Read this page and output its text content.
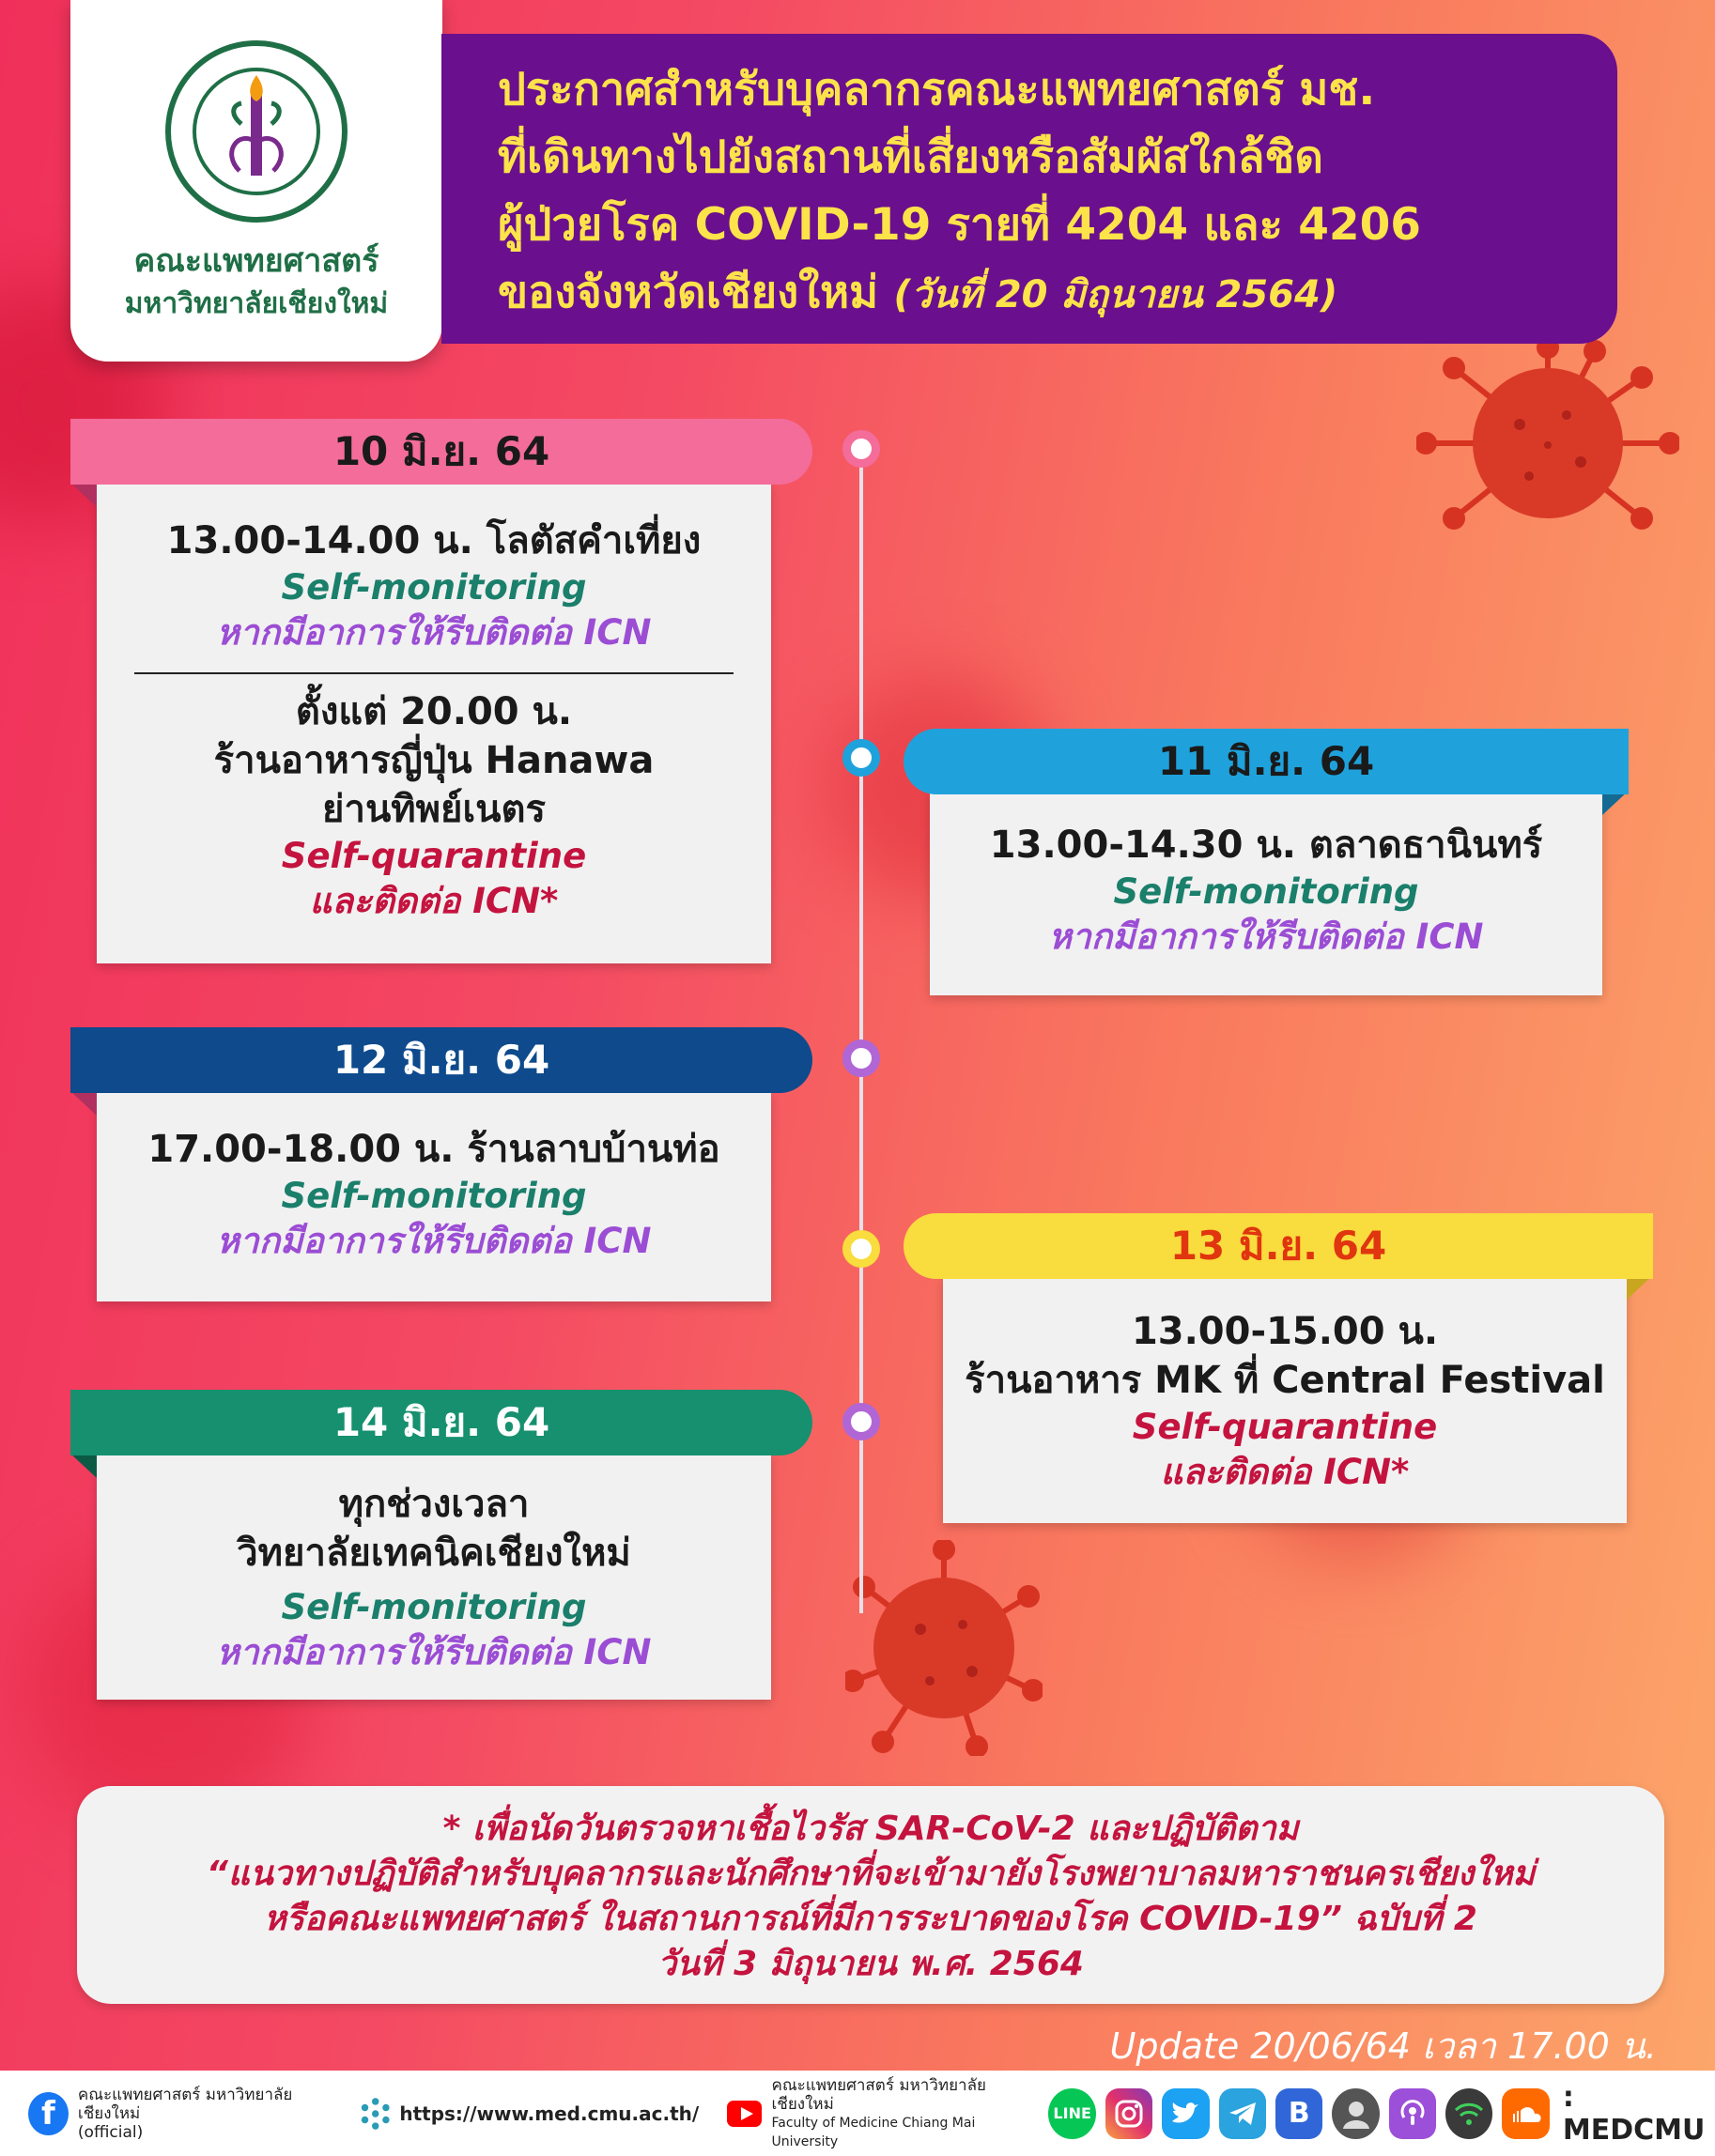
คณะแพทยศาสตร์
มหาวิทยาลัยเชียงใหม่
ประกาศสำหรับบุคลากรคณะแพทยศาสตร์ มช.
ที่เดินทางไปยังสถานที่เสี่ยงหรือสัมผัสใกล้ชิด
ผู้ป่วยโรค COVID-19 รายที่ 4204 และ 4206
ของจังหวัดเชียงใหม่ (วันที่ 20 มิถุนายน 2564)
13.00-14.00 น. โลตัสคำเที่ยง
Self-monitoring
หากมีอาการให้รีบติดต่อ ICN
ตั้งแต่ 20.00 น.
ร้านอาหารญี่ปุ่น Hanawa
ย่านทิพย์เนตร
Self-quarantine
และติดต่อ ICN*
10 มิ.ย. 64
13.00-14.30 น. ตลาดธานินทร์
Self-monitoring
หากมีอาการให้รีบติดต่อ ICN
11 มิ.ย. 64
17.00-18.00 น. ร้านลาบบ้านท่อ
Self-monitoring
หากมีอาการให้รีบติดต่อ ICN
12 มิ.ย. 64
13.00-15.00 น.
ร้านอาหาร MK ที่ Central Festival
Self-quarantine
และติดต่อ ICN*
13 มิ.ย. 64
ทุกช่วงเวลา
วิทยาลัยเทคนิคเชียงใหม่
Self-monitoring
หากมีอาการให้รีบติดต่อ ICN
14 มิ.ย. 64
* เพื่อนัดวันตรวจหาเชื้อไวรัส SAR-CoV-2 และปฏิบัติตาม
“แนวทางปฏิบัติสำหรับบุคลากรและนักศึกษาที่จะเข้ามายังโรงพยาบาลมหาราชนครเชียงใหม่
หรือคณะแพทยศาสตร์ ในสถานการณ์ที่มีการระบาดของโรค COVID-19” ฉบับที่ 2
วันที่ 3 มิถุนายน พ.ศ. 2564
Update 20/06/64 เวลา 17.00 น.
f	คณะแพทยศาสตร์ มหาวิทยาลัยเชียงใหม่
(official)
https://www.med.cmu.ac.th/
คณะแพทยศาสตร์ มหาวิทยาลัยเชียงใหม่
Faculty of Medicine Chiang Mai University
LINE	B	: MEDCMU
